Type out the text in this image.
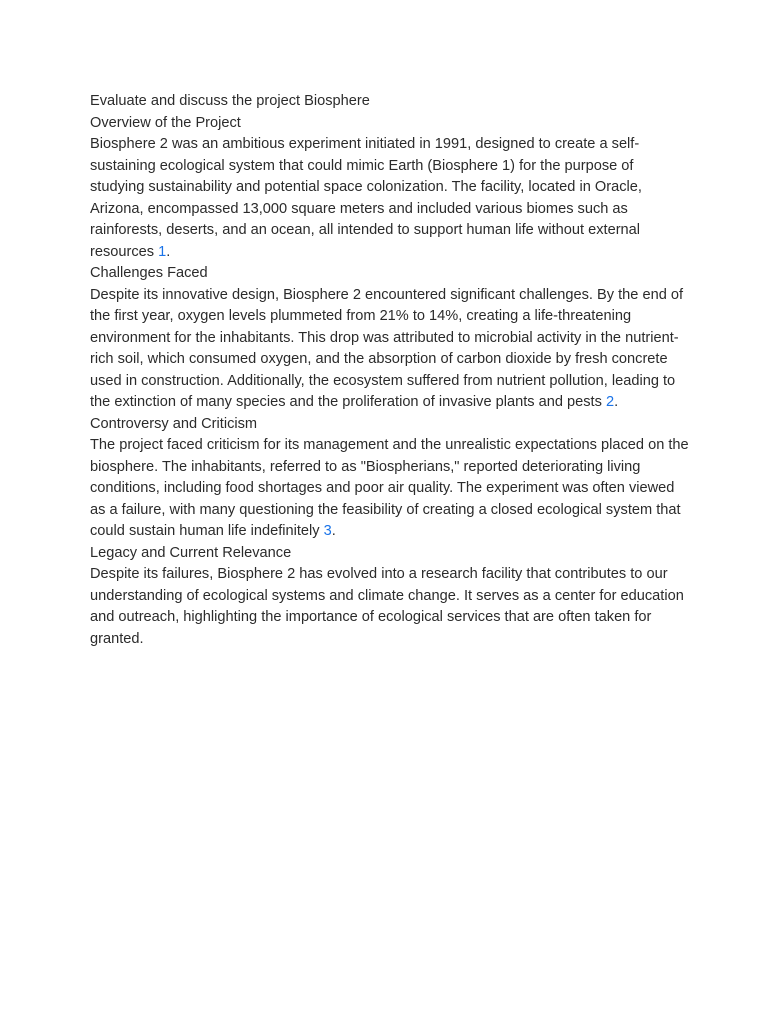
Evaluate and discuss the project Biosphere

Overview of the Project

Biosphere 2 was an ambitious experiment initiated in 1991, designed to create a self-sustaining ecological system that could mimic Earth (Biosphere 1) for the purpose of studying sustainability and potential space colonization. The facility, located in Oracle, Arizona, encompassed 13,000 square meters and included various biomes such as rainforests, deserts, and an ocean, all intended to support human life without external resources 1.

Challenges Faced

Despite its innovative design, Biosphere 2 encountered significant challenges. By the end of the first year, oxygen levels plummeted from 21% to 14%, creating a life-threatening environment for the inhabitants. This drop was attributed to microbial activity in the nutrient-rich soil, which consumed oxygen, and the absorption of carbon dioxide by fresh concrete used in construction. Additionally, the ecosystem suffered from nutrient pollution, leading to the extinction of many species and the proliferation of invasive plants and pests 2.

Controversy and Criticism

The project faced criticism for its management and the unrealistic expectations placed on the biosphere. The inhabitants, referred to as "Biospherians," reported deteriorating living conditions, including food shortages and poor air quality. The experiment was often viewed as a failure, with many questioning the feasibility of creating a closed ecological system that could sustain human life indefinitely 3.

Legacy and Current Relevance

Despite its failures, Biosphere 2 has evolved into a research facility that contributes to our understanding of ecological systems and climate change. It serves as a center for education and outreach, highlighting the importance of ecological services that are often taken for granted.
